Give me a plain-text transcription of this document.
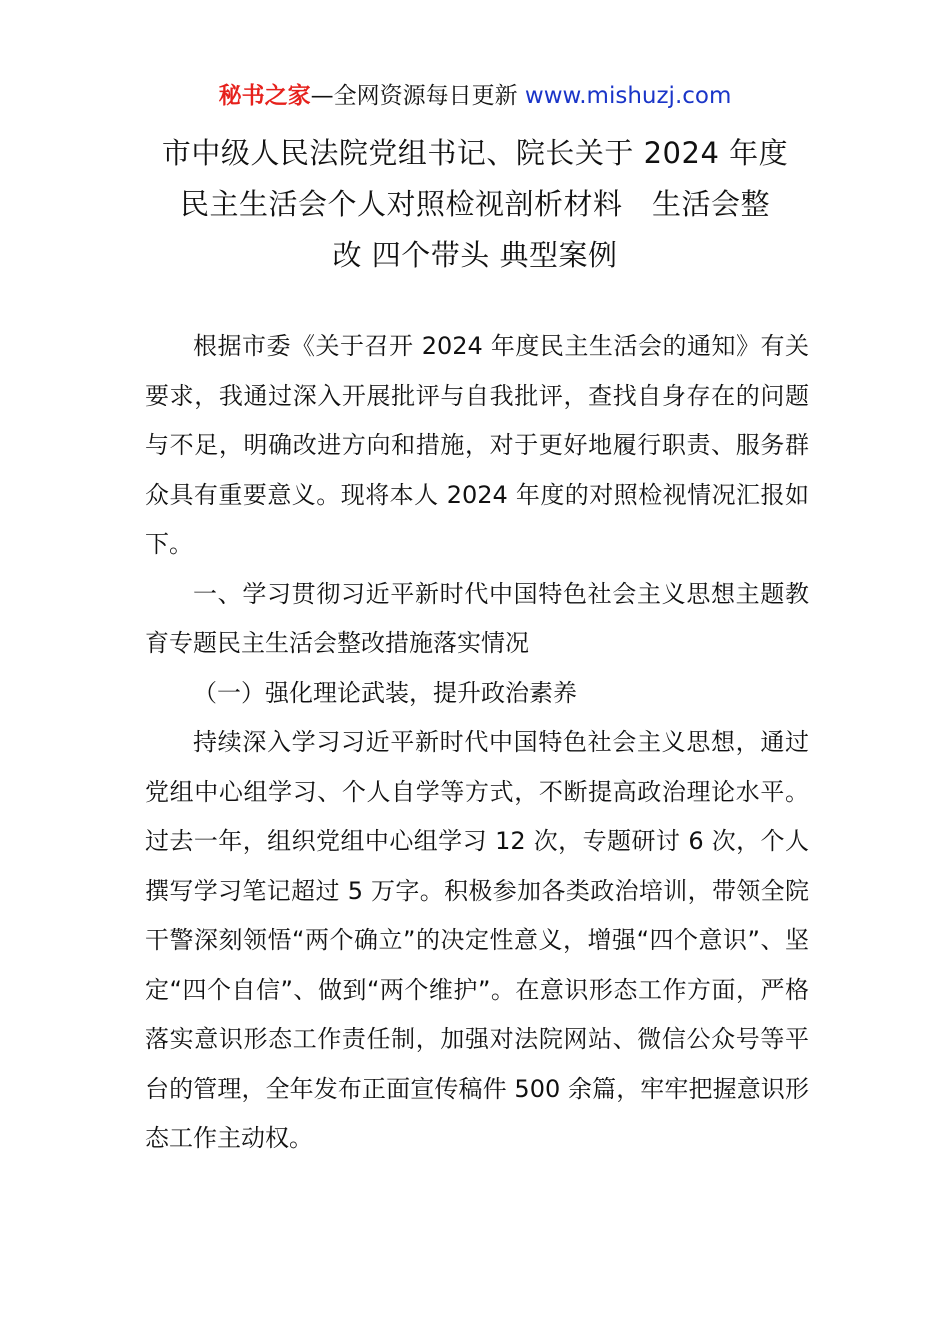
秘书之家—全网资源每日更新 www.mishuzj.com
市中级人民法院党组书记、院长关于 2024 年度
民主生活会个人对照检视剖析材料　生活会整
改 四个带头 典型案例

根据市委《关于召开 2024 年度民主生活会的通知》有关要求，我通过深入开展批评与自我批评，查找自身存在的问题与不足，明确改进方向和措施，对于更好地履行职责、服务群众具有重要意义。现将本人 2024 年度的对照检视情况汇报如下。

一、学习贯彻习近平新时代中国特色社会主义思想主题教育专题民主生活会整改措施落实情况

（一）强化理论武装，提升政治素养

持续深入学习习近平新时代中国特色社会主义思想，通过党组中心组学习、个人自学等方式，不断提高政治理论水平。过去一年，组织党组中心组学习 12 次，专题研讨 6 次，个人撰写学习笔记超过 5 万字。积极参加各类政治培训，带领全院干警深刻领悟“两个确立”的决定性意义，增强“四个意识”、坚定“四个自信”、做到“两个维护”。在意识形态工作方面，严格落实意识形态工作责任制，加强对法院网站、微信公众号等平台的管理，全年发布正面宣传稿件 500 余篇，牢牢把握意识形态工作主动权。
